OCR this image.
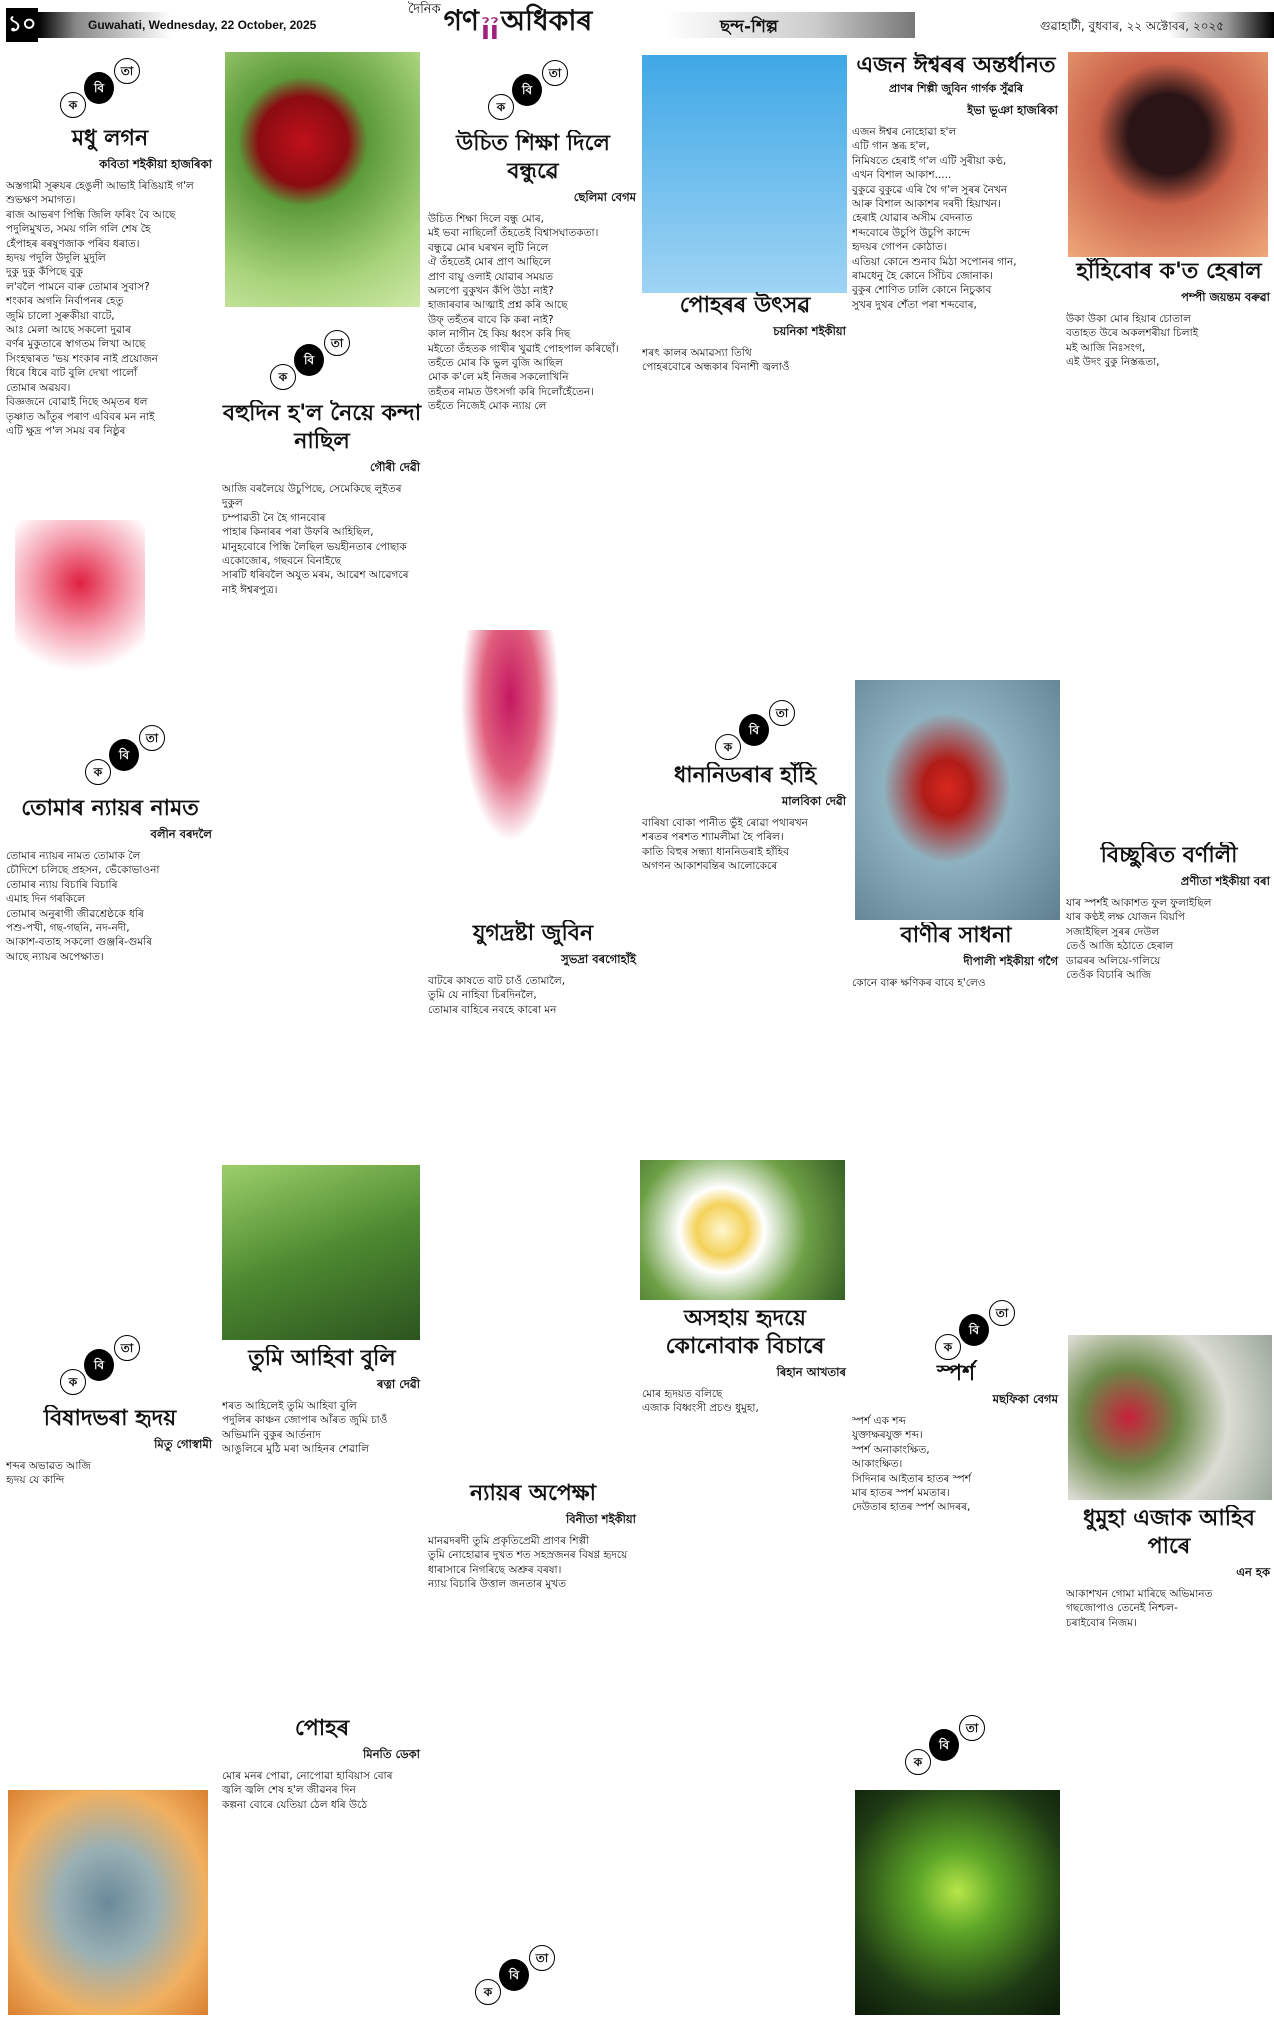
১০	Guwahati, Wednesday, 22 October, 2025
দৈনিক গণ ỉỉ অধিকাৰ	ছন্দ-শিল্প	গুৱাহাটী, বুধবাৰ, ২২ অক্টোবৰ, ২০২৫
ক
বি
তা
ক
বি
তা
ক
বি
তা
ক
বি
তা
ক
বি
তা
ক
বি
তা	ক
বি
তা
ক
বি
তা
ক
বি
তা
মধু লগন
কবিতা শইকীয়া হাজৰিকা
অস্তগামী সূৰুযৰ হেঙুলী আভাই ৰিঙিয়াই গ'ল
শুভক্ষণ সমাগত।
ৰাজ আভৰণ পিন্ধি জিলি ফৰিং বৈ আছে
পদুলিমুখত, সময় গলি গলি শেষ হৈ
হেঁপাহৰ ৰৰষুণজাক পৰিব ধৰাত।
হৃদয় পদুলি উদুলি মুদুলি
দুকু দুকু কঁপিছে বুকু
ল'বলৈ পামনে বাৰু তোমাৰ সুবাস?
শংকাৰ অগনি নিৰ্বাপনৰ হেতু
জুমি চালো সুৰুকীয়া বাটে,
আঃ মেলা আছে সকলো দুৱাৰ
বৰ্ণৰ মুকুতাৰে স্বাগতম লিখা আছে
সিংহদ্বাৰত 'ভয় শংকাৰ নাই প্ৰয়োজন
ধিৰে ধিৰে বাট বুলি দেখা পালোঁ
তোমাৰ অৱয়ব।
বিজ্ঞজনে বোৱাই দিছে অমৃতৰ ধল
তৃষ্ণাত আঁতুৰ পৰাণ এবিবৰ মন নাই
এটি ক্ষুদ্ৰ প'ল সময় বৰ নিষ্ঠুৰ
উচিত শিক্ষা দিলে বন্ধুৱে
ছেলিমা বেগম
উচিত শিক্ষা দিলে বন্ধু মোৰ,
মই ভবা নাছিলোঁ তঁহতেই বিশ্বাসঘাতকতা।
বন্ধুৱে মোৰ ঘৰখন লুটি নিলে
ঐ তঁহতেই মোৰ প্ৰাণ আছিলে
প্ৰাণ বায়ু ওলাই যোৱাৰ সময়ত
অলপো বুকুখন কঁপি উঠা নাই?
হাজাৰবাৰ আত্মাই প্ৰশ্ন কৰি আছে
উফ্ তহঁতৰ বাবে কি কৰা নাই?
কাল নাগীন হৈ কিয় ধ্বংস কৰি দিছ
মইতো তঁহতক গাখীৰ খুৱাই পোহপাল কৰিছোঁ।
তহঁতে মোৰ কি ভুল বুজি আছিল
মোক ক'লে মই নিজৰ সকলোখিনি
তহঁতৰ নামত উৎসৰ্গা কৰি দিলোঁহেঁতেন।
তহঁতে নিজেই মোক ন্যায় লে
বহুদিন হ'ল নৈয়ে কন্দা নাছিল
গৌৰী দেৱী
আজি বৰলৈয়ে উচুপিছে, সেমেকিছে লুইতৰ দুকুল
চম্পাৱতী নৈ হৈ গানবোৰ
পাহাৰ কিনাৰৰ পৰা উফৰি আহিছিল,
মানুহবোৰে পিন্ধি লৈছিল ভয়হীনতাৰ পোছাক
একোজোৰ, গছবনে বিনাইছে
সাৰটি ধৰিবলৈ অযুত মৰম, আৱেশ আৱেগৰে
নাই ঈশ্বৰপুত্ৰ।
পোহৰৰ উৎসৱ
চয়নিকা শইকীয়া
শৰৎ কালৰ অমাৱস্যা তিথি
পোহৰবোৰে অন্ধকাৰ বিনাশী জ্বলাওঁ
এজন ঈশ্বৰৰ অন্তৰ্ধানত
প্ৰাণৰ শিল্পী জুবিন গাৰ্গক সুঁৱৰি
ইভা ভূঞা হাজৰিকা
এজন ঈশ্বৰ নোহোৱা হ'ল
এটি গান স্তব্ধ হ'ল,
নিমিষতে হেৰাই গ'ল এটি সুৰীয়া কণ্ঠ,
এখন বিশাল আকাশ.....
বুকুৱে বুকুৱে এৰি থৈ গ'ল সুৰৰ নৈখন
আৰু বিশাল আকাশৰ দৰদী হিয়াখন।
হেৰাই যোৱাৰ অসীম বেদনাত
শব্দবোৰে উচুপি উচুপি কান্দে
হৃদয়ৰ গোপন কোঠাত।
এতিয়া কোনে শুনাব মিঠা সপোনৰ গান,
ৰামধেনু হৈ কোনে সিঁচিব জোনাক।
বুকুৰ শোণিত ঢালি কোনে নিচুকাব
সুখৰ দুখৰ শেঁতা পৰা শব্দবোৰ,
হাঁহিবোৰ ক'ত হেৰাল
পম্পী জয়ন্তম বৰুৱা
উকা উকা মোৰ হিয়াৰ চোতাল
বতাহত উৰে অকলশৰীয়া চিলাই
মই আজি নিঃসংগ,
এই উদং বুকু নিস্তব্ধতা,
তোমাৰ ন্যায়ৰ নামত
বলীন বৰদলৈ
তোমাৰ ন্যায়ৰ নামত তোমাক লৈ
চৌদিশে চলিছে প্ৰহসন, ভেঁকোভাওনা
তোমাৰ ন্যায় বিচাৰি বিচাৰি
এমাহ দিন গৰকিলে
তোমাৰ অনুৰাগী জীৱশ্ৰেষ্ঠকে ধৰি
পশু-পখী, গছ-গছনি, নদ-নদী,
আকাশ-বতাহ সকলো গুঞ্জৰি-গুমৰি
আছে ন্যায়ৰ অপেক্ষাত।
ধাননিডৰাৰ হাঁহি
মালবিকা দেৱী
বাৰিষা বোকা পানীত ভুঁই ৰোৱা পথাৰখন
শৰতৰ পৰশত শ্যামলীমা হৈ পৰিল।
কাতি বিহুৰ সন্ধ্যা ধাননিডৰাই হাঁহিব
অগণন আকাশবন্তিৰ আলোকেৰে
বাণীৰ সাধনা
দীপালী শইকীয়া গগৈ
কোনে বাৰু ক্ষণিকৰ বাবে হ'লেও
বিচ্ছুৰিত বৰ্ণালী
প্ৰণীতা শইকীয়া বৰা
যাৰ স্পৰ্শই আকাশত ফুল ফুলাইছিল
যাৰ কণ্ঠই লক্ষ যোজন বিয়পি
সজাইছিল সুৰৰ দেউল
তেওঁ আজি হঠাতে হেৰাল
ডাৱৰৰ অলিয়ে-গলিয়ে
তেওঁক বিচাৰি আজি
যুগদ্ৰষ্টা জুবিন
সুভদ্ৰা বৰগোহাঁই
বাটৰে কাষতে বাট চাওঁ তোমালৈ,
তুমি যে নাহিবা চিৰদিনলৈ,
তোমাৰ বাহিৰে নবহে কাৰো মন
বিষাদভৰা হৃদয়
মিতু গোস্বামী
শব্দৰ অভাৱত আজি
হৃদয় যে কান্দি
তুমি আহিবা বুলি
ৰত্না দেৱী
শৰত আহিলেই তুমি আহিবা বুলি
পদুলিৰ কাঞ্চন জোপাৰ আঁৰত জুমি চাওঁ
অভিমানি বুকুৰ আৰ্তনাদ
আঙুলিৰে মুঠি মৰা আহিনৰ শেৱালি
অসহায় হৃদয়ে কোনোবাক বিচাৰে
ৰিহান আখতাৰ
মোৰ হৃদয়ত বলিছে
এজাক বিধ্বংসী প্ৰচণ্ড ধুমুহা,
ন্যায়ৰ অপেক্ষা
বিনীতা শইকীয়া
মানৱদৰদী তুমি প্ৰকৃতিপ্ৰেমী প্ৰাণৰ শিল্পী
তুমি নোহোৱাৰ দুখত শত সহস্ৰজনৰ বিষণ্ণ হৃদয়ে
ধাৰাসাৰে নিগৰিছে অশ্ৰুৰ বৰষা।
ন্যায় বিচাৰি উত্তাল জনতাৰ মুখত
পোহৰ
মিনতি ডেকা
মোৰ মনৰ পোৱা, নোপোৱা হাবিয়াস বোৰ
জ্বলি জ্বলি শেষ হ'ল জীৱনৰ দিন
কল্পনা বোৰে যেতিয়া ঠেল ধৰি উঠে
স্পৰ্শ
মছফিকা বেগম
স্পৰ্শ এক শব্দ
যুক্তাক্ষৰযুক্ত শব্দ।
স্পৰ্শ অনাকাংক্ষিত,
আকাংক্ষিত।
সিদিনাৰ আইতাৰ হাতৰ স্পৰ্শ
মাৰ হাতৰ স্পৰ্শ মমতাৰ।
দেউতাৰ হাতৰ স্পৰ্শ আদৰৰ,	ধুমুহা এজাক আহিব পাৰে
এন হক
আকাশখন গোমা মাৰিছে অভিমানত
গছজোপাও তেনেই নিশ্চল-
চৰাইবোৰ নিজম।
